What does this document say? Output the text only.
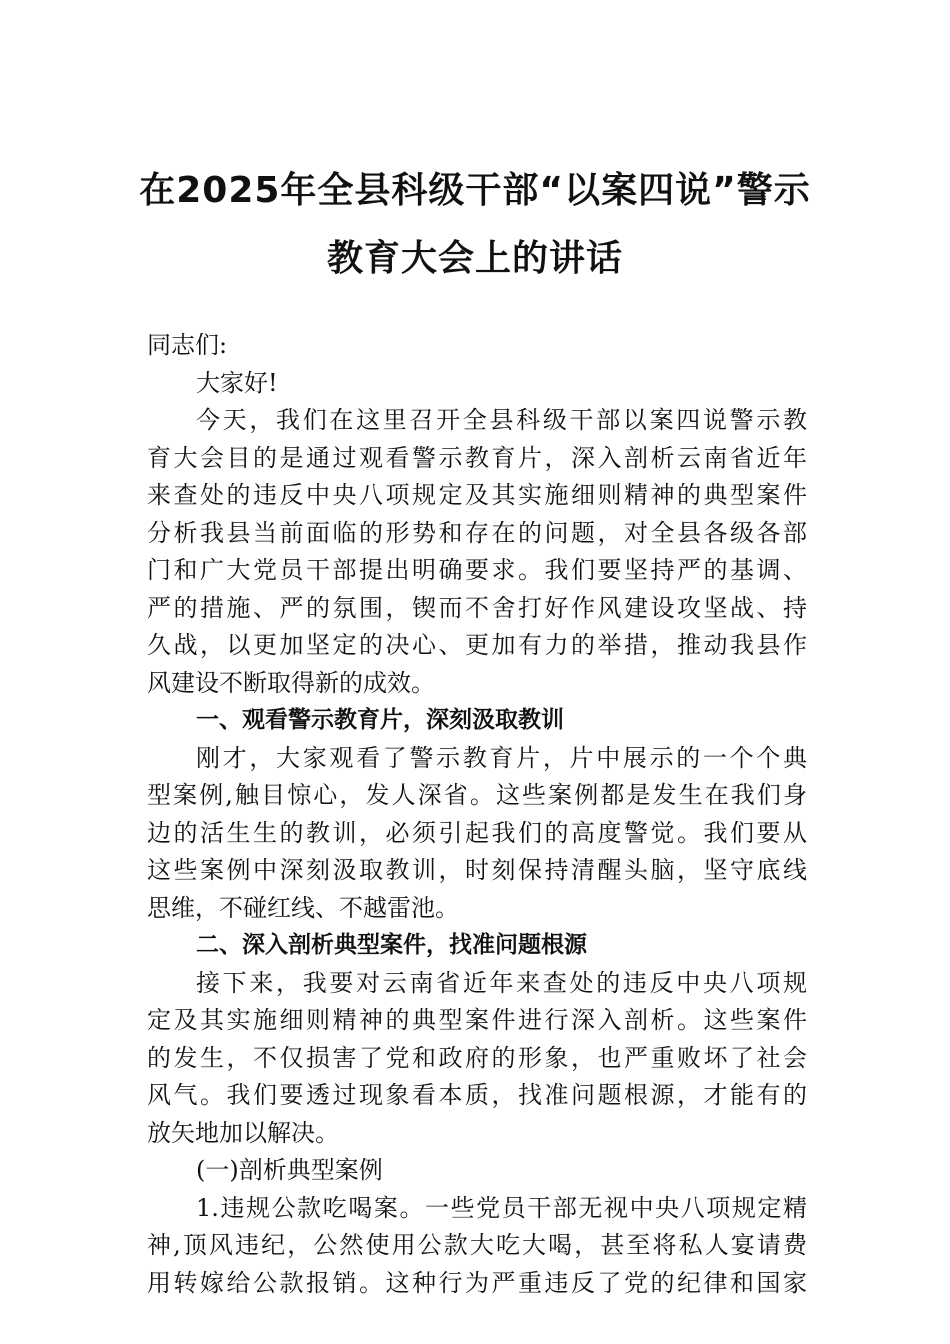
在2025年全县科级干部“以案四说”警示
教育大会上的讲话
同志们:
大家好!
今天，我们在这里召开全县科级干部以案四说警示教
育大会目的是通过观看警示教育片，深入剖析云南省近年
来查处的违反中央八项规定及其实施细则精神的典型案件
分析我县当前面临的形势和存在的问题，对全县各级各部
门和广大党员干部提出明确要求。我们要坚持严的基调、
严的措施、严的氛围，锲而不舍打好作风建设攻坚战、持
久战，以更加坚定的决心、更加有力的举措，推动我县作
风建设不断取得新的成效。
一、观看警示教育片，深刻汲取教训
刚才，大家观看了警示教育片，片中展示的一个个典
型案例,触目惊心，发人深省。这些案例都是发生在我们身
边的活生生的教训，必须引起我们的高度警觉。我们要从
这些案例中深刻汲取教训，时刻保持清醒头脑，坚守底线
思维，不碰红线、不越雷池。
二、深入剖析典型案件，找准问题根源
接下来，我要对云南省近年来查处的违反中央八项规
定及其实施细则精神的典型案件进行深入剖析。这些案件
的发生，不仅损害了党和政府的形象，也严重败坏了社会
风气。我们要透过现象看本质，找准问题根源，才能有的
放矢地加以解决。
(一)剖析典型案例
1.违规公款吃喝案。一些党员干部无视中央八项规定精
神,顶风违纪，公然使用公款大吃大喝，甚至将私人宴请费
用转嫁给公款报销。这种行为严重违反了党的纪律和国家
